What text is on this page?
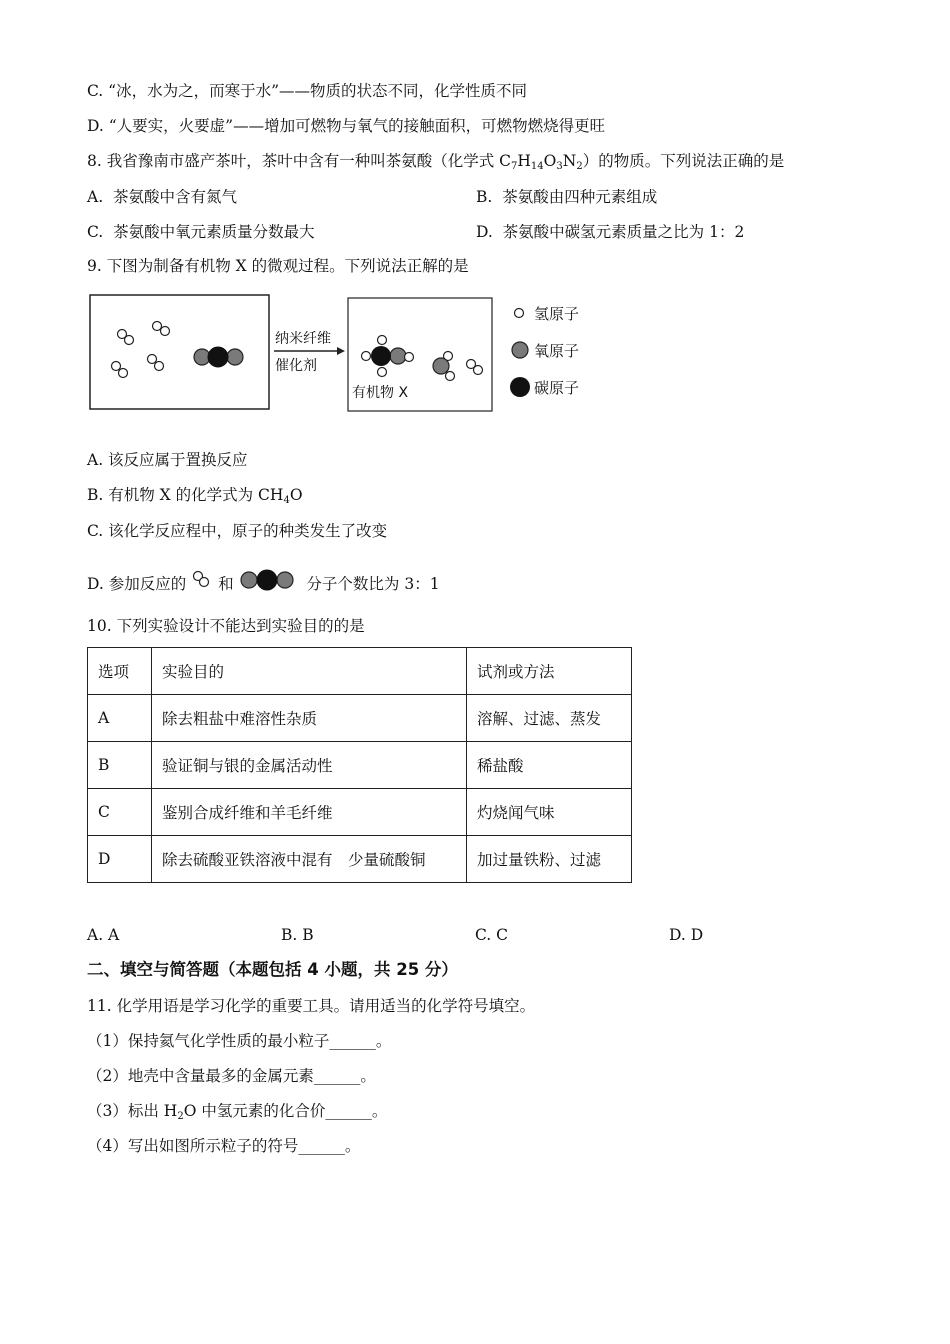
C. “冰，水为之，而寒于水”——物质的状态不同，化学性质不同
D. “人要实，火要虚”——增加可燃物与氧气的接触面积，可燃物燃烧得更旺
8. 我省豫南市盛产茶叶，茶叶中含有一种叫茶氨酸（化学式 $C_7H_{14}O_3N_2$）的物质。下列说法正确的是
A. 茶氨酸中含有氮气	B. 茶氨酸由四种元素组成
C. 茶氨酸中氧元素质量分数最大	D. 茶氨酸中碳氢元素质量之比为 1：2
9. 下图为制备有机物 X 的微观过程。下列说法正解的是
纳米纤维
催化剂
有机物 X
氢原子
氧原子
碳原子
A. 该反应属于置换反应
B. 有机物 X 的化学式为 $CH_4O$
C. 该化学反应程中，原子的种类发生了改变
D. 参加反应的 和	分子个数比为 3：1
10. 下列实验设计不能达到实验目的的是
选项	实验目的	试剂或方法
A	除去粗盐中难溶性杂质	溶解、过滤、蒸发
B	验证铜与银的金属活动性	稀盐酸
C	鉴别合成纤维和羊毛纤维	灼烧闻气味
D	除去硫酸亚铁溶液中混有　少量硫酸铜	加过量铁粉、过滤
A. A	B. B	C. C	D. D
二、填空与简答题（本题包括 4 小题，共 25 分）
11. 化学用语是学习化学的重要工具。请用适当的化学符号填空。
（1）保持氦气化学性质的最小粒子______。
（2）地壳中含量最多的金属元素______。
（3）标出 $H_2O$ 中氢元素的化合价______。
（4）写出如图所示粒子的符号______。
